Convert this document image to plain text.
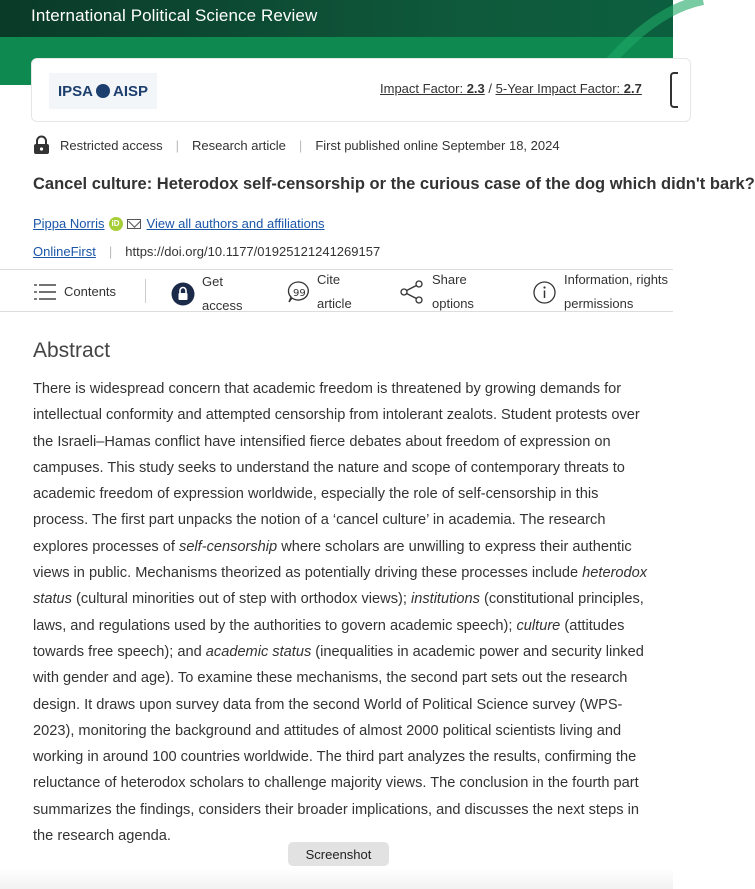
International Political Science Review
IPSA AISP	Impact Factor: 2.3 / 5-Year Impact Factor: 2.7
Restricted access | Research article | First published online September 18, 2024
Cancel culture: Heterodox self-censorship or the curious case of the dog which didn't bark?
Pippa Norris iD View all authors and affiliations
OnlineFirst | https://doi.org/10.1177/01925121241269157
Contents
Get
access
99
Cite
article
Share
options
Information, rights
permissions
Abstract
There is widespread concern that academic freedom is threatened by growing demands for intellectual conformity and attempted censorship from intolerant zealots. Student protests over the Israeli–Hamas conflict have intensified fierce debates about freedom of expression on campuses. This study seeks to understand the nature and scope of contemporary threats to academic freedom of expression worldwide, especially the role of self-censorship in this process. The first part unpacks the notion of a ‘cancel culture’ in academia. The research explores processes of self-censorship where scholars are unwilling to express their authentic views in public. Mechanisms theorized as potentially driving these processes include heterodox status (cultural minorities out of step with orthodox views); institutions (constitutional principles, laws, and regulations used by the authorities to govern academic speech); culture (attitudes towards free speech); and academic status (inequalities in academic power and security linked with gender and age). To examine these mechanisms, the second part sets out the research design. It draws upon survey data from the second World of Political Science survey (WPS-2023), monitoring the background and attitudes of almost 2000 political scientists living and working in around 100 countries worldwide. The third part analyzes the results, confirming the reluctance of heterodox scholars to challenge majority views. The conclusion in the fourth part summarizes the findings, considers their broader implications, and discusses the next steps in the research agenda.
Screenshot
